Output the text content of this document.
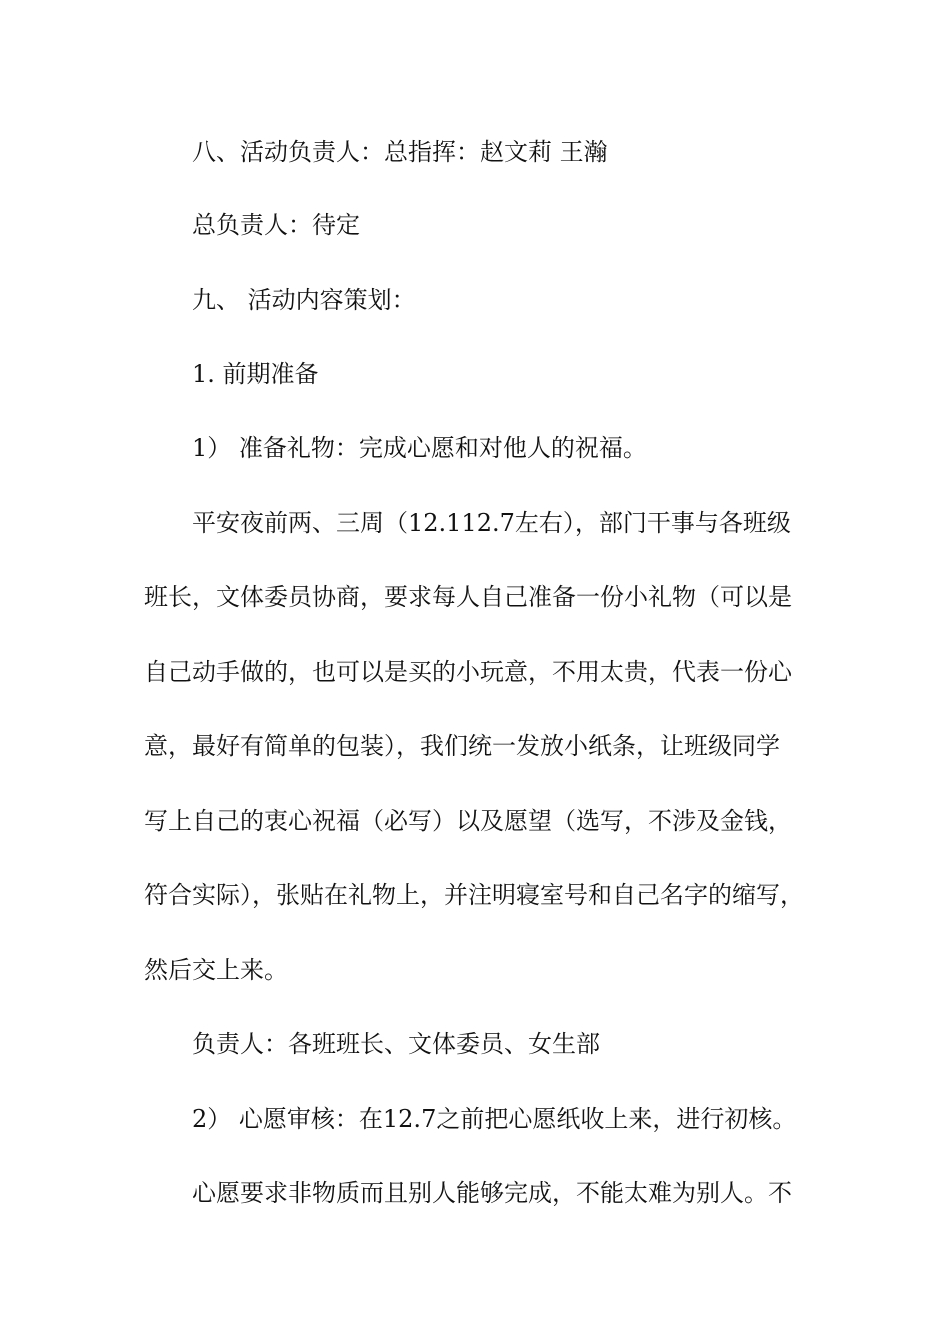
八、活动负责人：总指挥：赵文莉 王瀚
总负责人：待定
九、 活动内容策划：
1. 前期准备
1） 准备礼物：完成心愿和对他人的祝福。
平安夜前两、三周（12.112.7左右），部门干事与各班级
班长，文体委员协商，要求每人自己准备一份小礼物（可以是
自己动手做的，也可以是买的小玩意，不用太贵，代表一份心
意，最好有简单的包装），我们统一发放小纸条，让班级同学
写上自己的衷心祝福（必写）以及愿望（选写，不涉及金钱，
符合实际），张贴在礼物上，并注明寝室号和自己名字的缩写，
然后交上来。
负责人：各班班长、文体委员、女生部
2） 心愿审核：在12.7之前把心愿纸收上来，进行初核。
心愿要求非物质而且别人能够完成，不能太难为别人。不
